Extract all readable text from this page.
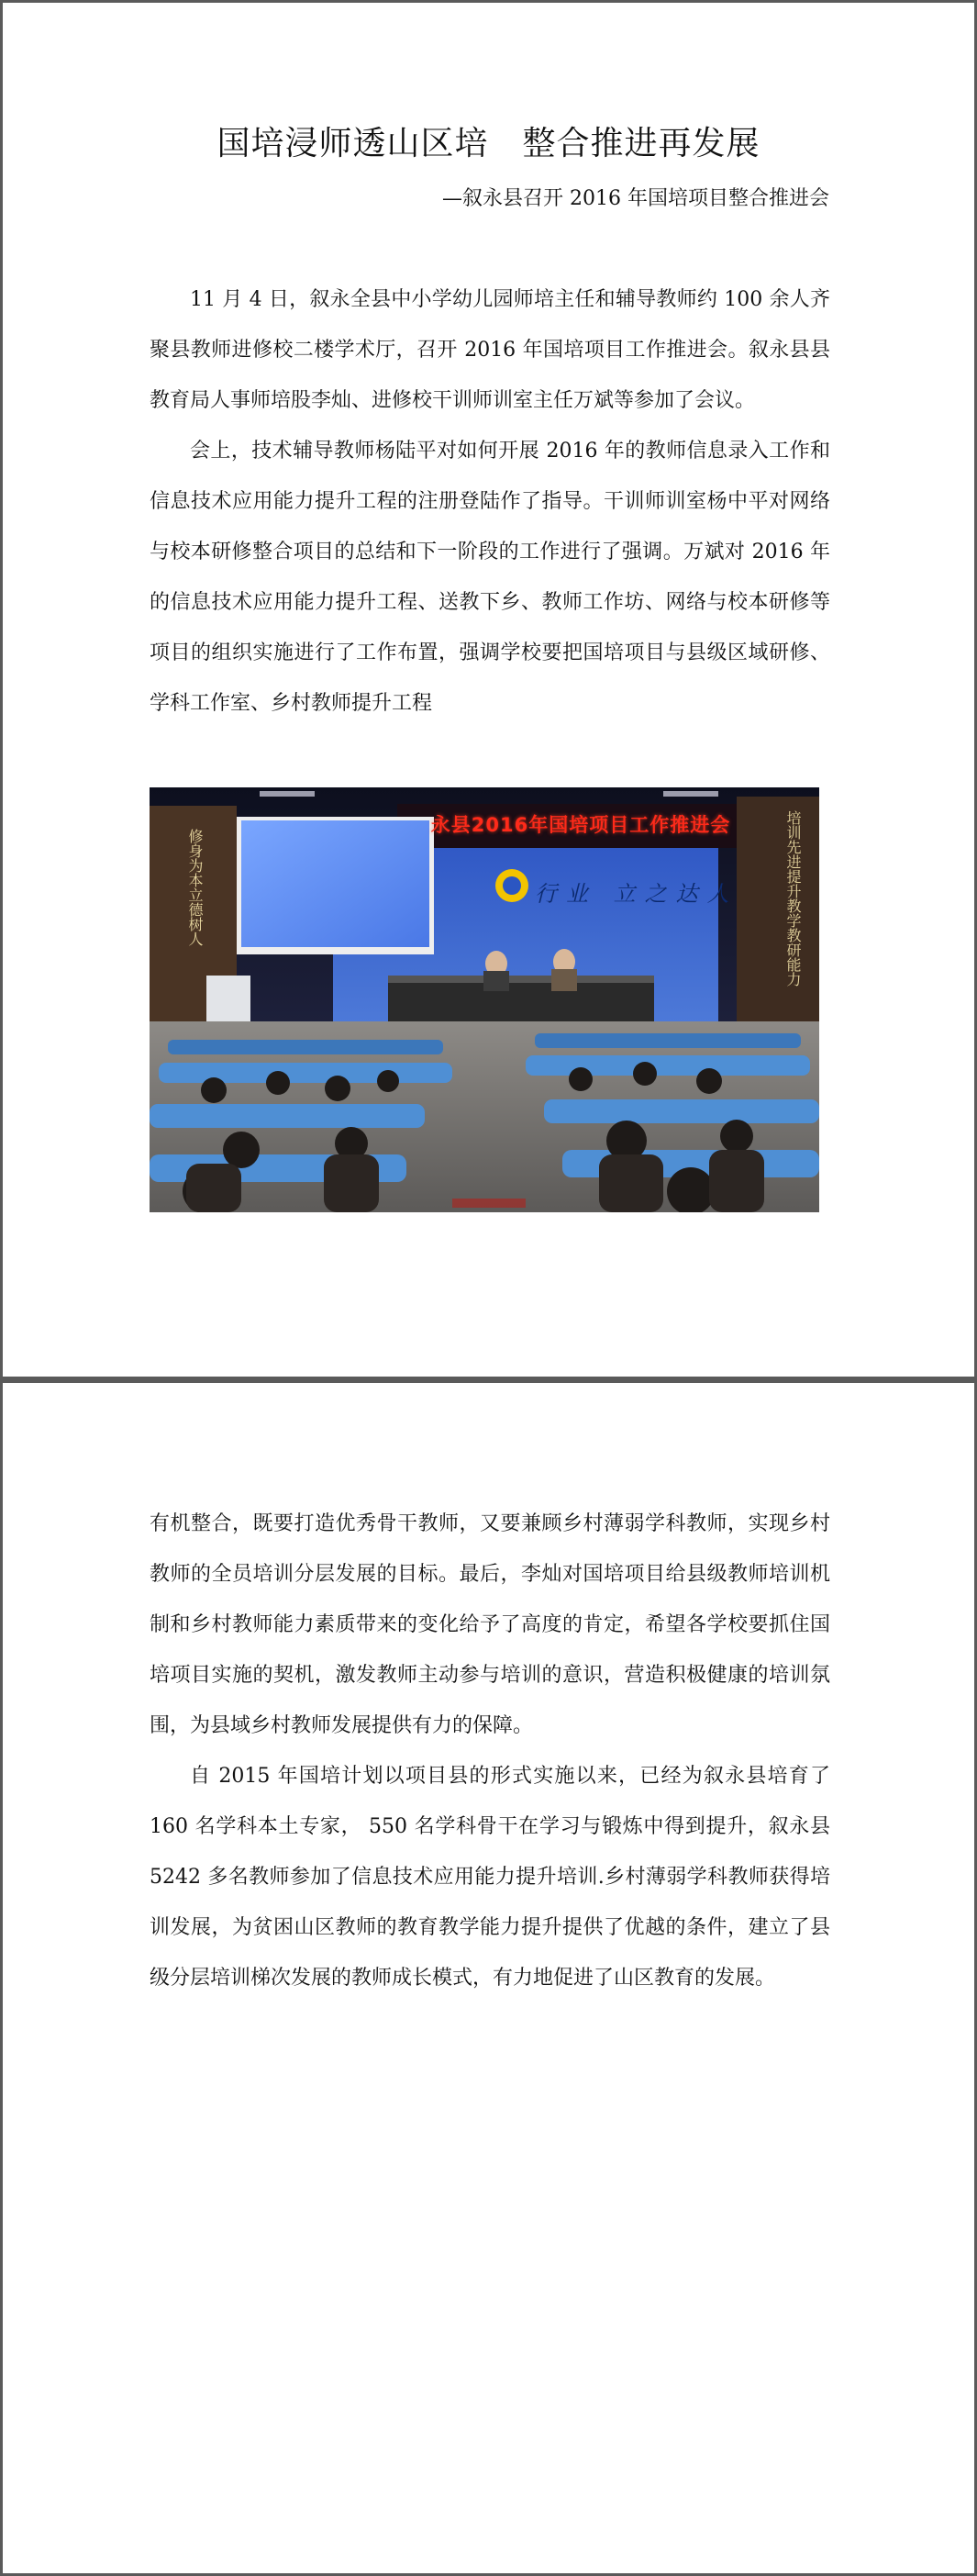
国培浸师透山区培　整合推进再发展

—叙永县召开 2016 年国培项目整合推进会

11 月 4 日，叙永全县中小学幼儿园师培主任和辅导教师约 100 余人齐聚县教师进修校二楼学术厅，召开 2016 年国培项目工作推进会。叙永县县教育局人事师培股李灿、进修校干训师训室主任万斌等参加了会议。

会上，技术辅导教师杨陆平对如何开展 2016 年的教师信息录入工作和信息技术应用能力提升工程的注册登陆作了指导。干训师训室杨中平对网络与校本研修整合项目的总结和下一阶段的工作进行了强调。万斌对 2016 年的信息技术应用能力提升工程、送教下乡、教师工作坊、网络与校本研修等项目的组织实施进行了工作布置，强调学校要把国培项目与县级区域研修、学科工作室、乡村教师提升工程

永县2016年国培项目工作推进会
行业 立之达人
修身为本立德树人	培训先进提升教学教研能力

有机整合，既要打造优秀骨干教师，又要兼顾乡村薄弱学科教师，实现乡村教师的全员培训分层发展的目标。最后，李灿对国培项目给县级教师培训机制和乡村教师能力素质带来的变化给予了高度的肯定，希望各学校要抓住国培项目实施的契机，激发教师主动参与培训的意识，营造积极健康的培训氛围，为县域乡村教师发展提供有力的保障。

自 2015 年国培计划以项目县的形式实施以来，已经为叙永县培育了 160 名学科本土专家， 550 名学科骨干在学习与锻炼中得到提升，叙永县 5242 多名教师参加了信息技术应用能力提升培训.乡村薄弱学科教师获得培训发展，为贫困山区教师的教育教学能力提升提供了优越的条件，建立了县级分层培训梯次发展的教师成长模式，有力地促进了山区教育的发展。
